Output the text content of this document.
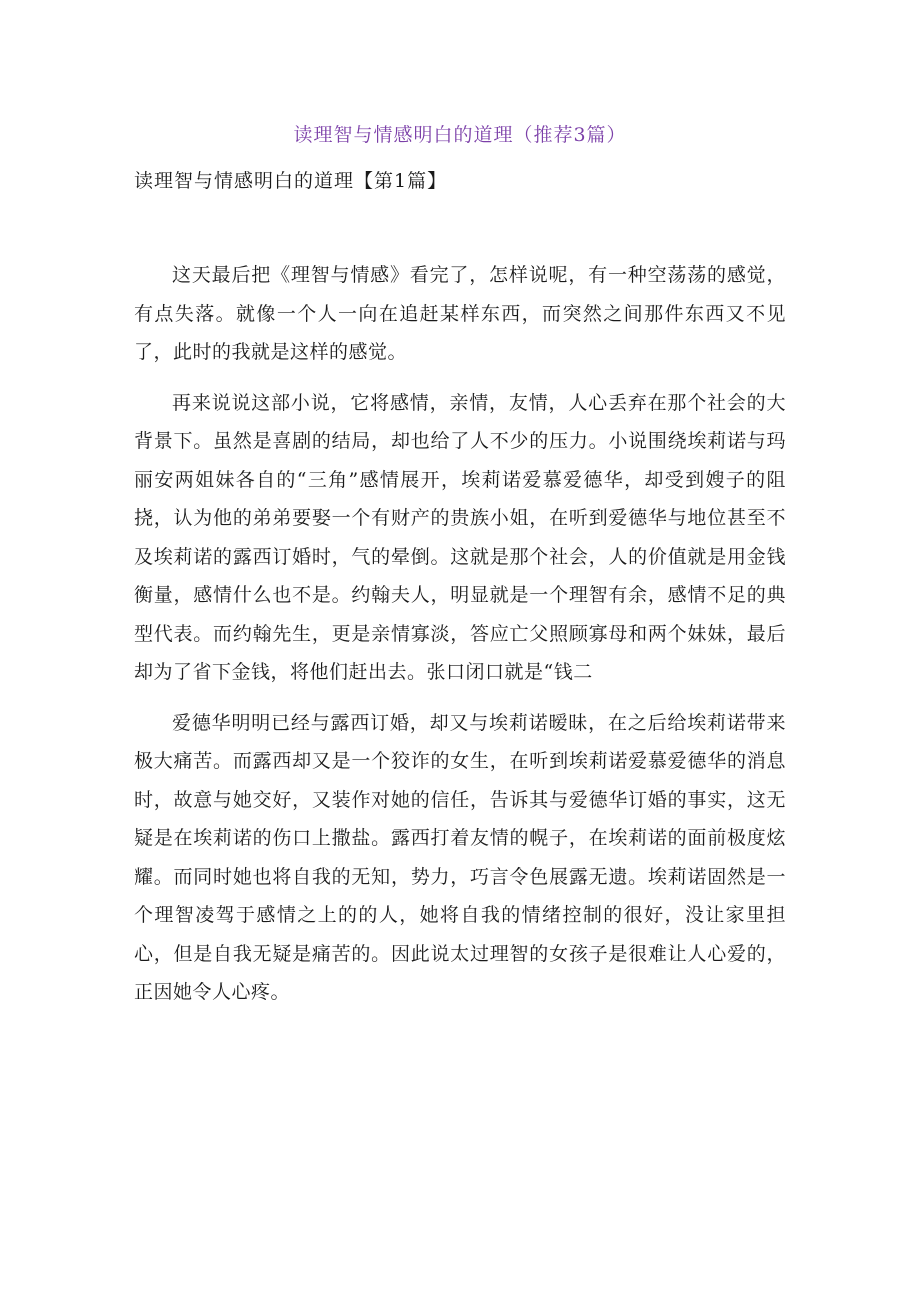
读理智与情感明白的道理（推荐3篇）
读理智与情感明白的道理【第1篇】

这天最后把《理智与情感》看完了，怎样说呢，有一种空荡荡的感觉，有点失落。就像一个人一向在追赶某样东西，而突然之间那件东西又不见了，此时的我就是这样的感觉。

再来说说这部小说，它将感情，亲情，友情，人心丢弃在那个社会的大背景下。虽然是喜剧的结局，却也给了人不少的压力。小说围绕埃莉诺与玛丽安两姐妹各自的“三角”感情展开，埃莉诺爱慕爱德华，却受到嫂子的阻挠，认为他的弟弟要娶一个有财产的贵族小姐，在听到爱德华与地位甚至不及埃莉诺的露西订婚时，气的晕倒。这就是那个社会，人的价值就是用金钱衡量，感情什么也不是。约翰夫人，明显就是一个理智有余，感情不足的典型代表。而约翰先生，更是亲情寡淡，答应亡父照顾寡母和两个妹妹，最后却为了省下金钱，将他们赶出去。张口闭口就是“钱二

爱德华明明已经与露西订婚，却又与埃莉诺暧昧，在之后给埃莉诺带来极大痛苦。而露西却又是一个狡诈的女生，在听到埃莉诺爱慕爱德华的消息时，故意与她交好，又装作对她的信任，告诉其与爱德华订婚的事实，这无疑是在埃莉诺的伤口上撒盐。露西打着友情的幌子，在埃莉诺的面前极度炫耀。而同时她也将自我的无知，势力，巧言令色展露无遗。埃莉诺固然是一个理智凌驾于感情之上的的人，她将自我的情绪控制的很好，没让家里担心，但是自我无疑是痛苦的。因此说太过理智的女孩子是很难让人心爱的，正因她令人心疼。
